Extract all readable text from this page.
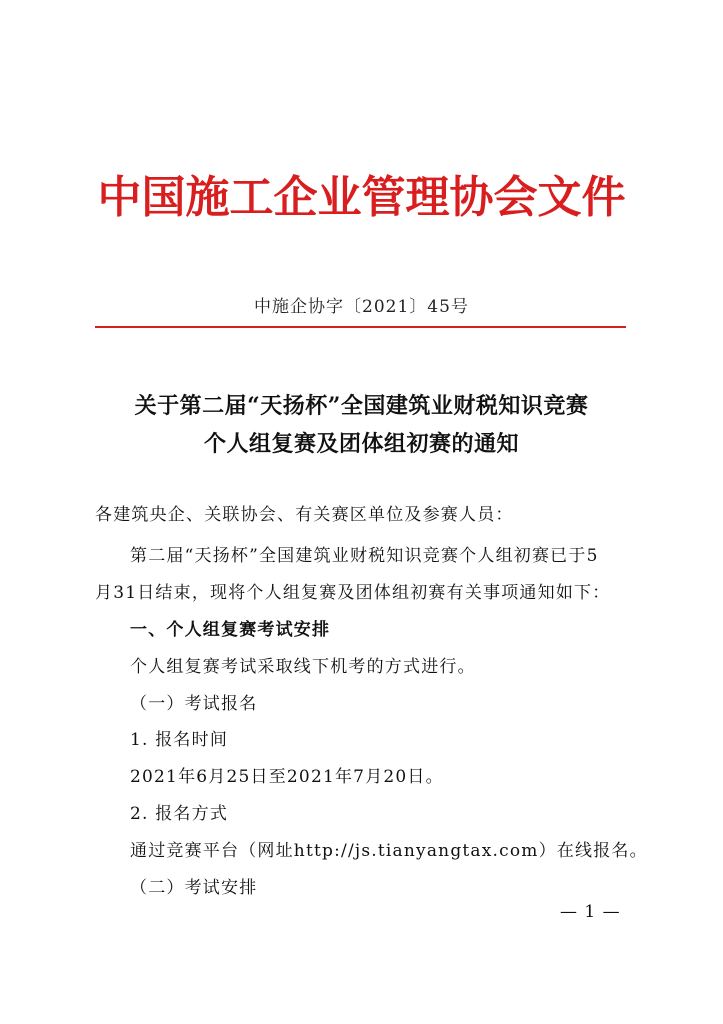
中国施工企业管理协会文件
中施企协字〔2021〕45号
关于第二届“天扬杯”全国建筑业财税知识竞赛
个人组复赛及团体组初赛的通知
各建筑央企、关联协会、有关赛区单位及参赛人员：
第二届“天扬杯”全国建筑业财税知识竞赛个人组初赛已于5
月31日结束，现将个人组复赛及团体组初赛有关事项通知如下：
一、个人组复赛考试安排
个人组复赛考试采取线下机考的方式进行。
（一）考试报名
1. 报名时间
2021年6月25日至2021年7月20日。
2. 报名方式
通过竞赛平台（网址http://js.tianyangtax.com）在线报名。
（二）考试安排
— 1 —
